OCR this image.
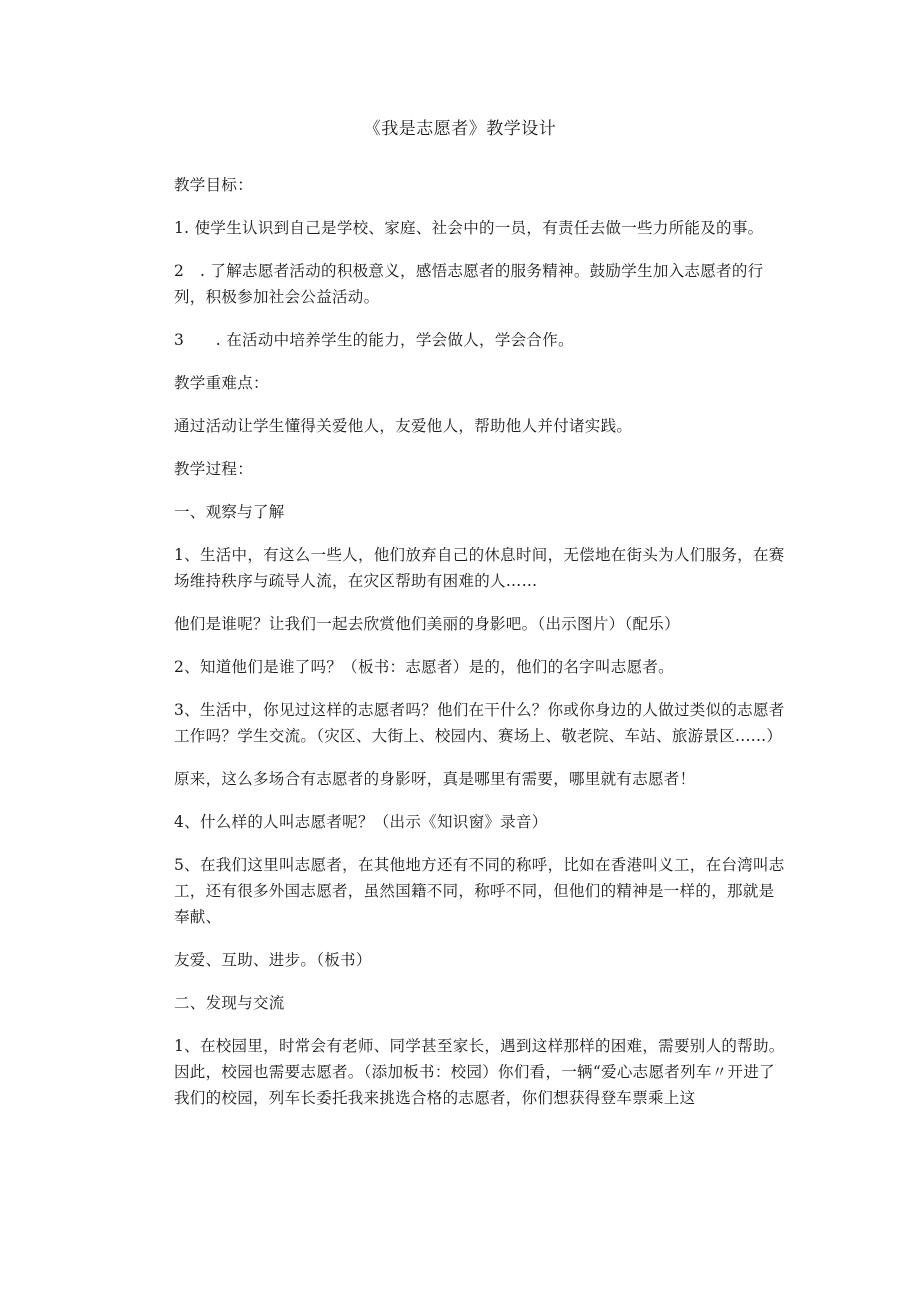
《我是志愿者》教学设计

教学目标：

1. 使学生认识到自己是学校、家庭、社会中的一员，有责任去做一些力所能及的事。

2　. 了解志愿者活动的积极意义，感悟志愿者的服务精神。鼓励学生加入志愿者的行列，积极参加社会公益活动。

3　　. 在活动中培养学生的能力，学会做人，学会合作。

教学重难点：

通过活动让学生懂得关爱他人，友爱他人，帮助他人并付诸实践。

教学过程：

一、观察与了解

1、生活中，有这么一些人，他们放弃自己的休息时间，无偿地在街头为人们服务，在赛场维持秩序与疏导人流，在灾区帮助有困难的人……

他们是谁呢？让我们一起去欣赏他们美丽的身影吧。（出示图片）（配乐）

2、知道他们是谁了吗？（板书：志愿者）是的，他们的名字叫志愿者。

3、生活中，你见过这样的志愿者吗？他们在干什么？你或你身边的人做过类似的志愿者工作吗？学生交流。（灾区、大街上、校园内、赛场上、敬老院、车站、旅游景区......）

原来，这么多场合有志愿者的身影呀，真是哪里有需要，哪里就有志愿者！

4、什么样的人叫志愿者呢？（出示《知识窗》录音）

5、在我们这里叫志愿者，在其他地方还有不同的称呼，比如在香港叫义工，在台湾叫志工，还有很多外国志愿者，虽然国籍不同，称呼不同，但他们的精神是一样的，那就是奉献、

友爱、互助、进步。（板书）

二、发现与交流

1、在校园里，时常会有老师、同学甚至家长，遇到这样那样的困难，需要别人的帮助。因此，校园也需要志愿者。（添加板书：校园）你们看，一辆“爱心志愿者列车〃开进了我们的校园，列车长委托我来挑选合格的志愿者，你们想获得登车票乘上这
